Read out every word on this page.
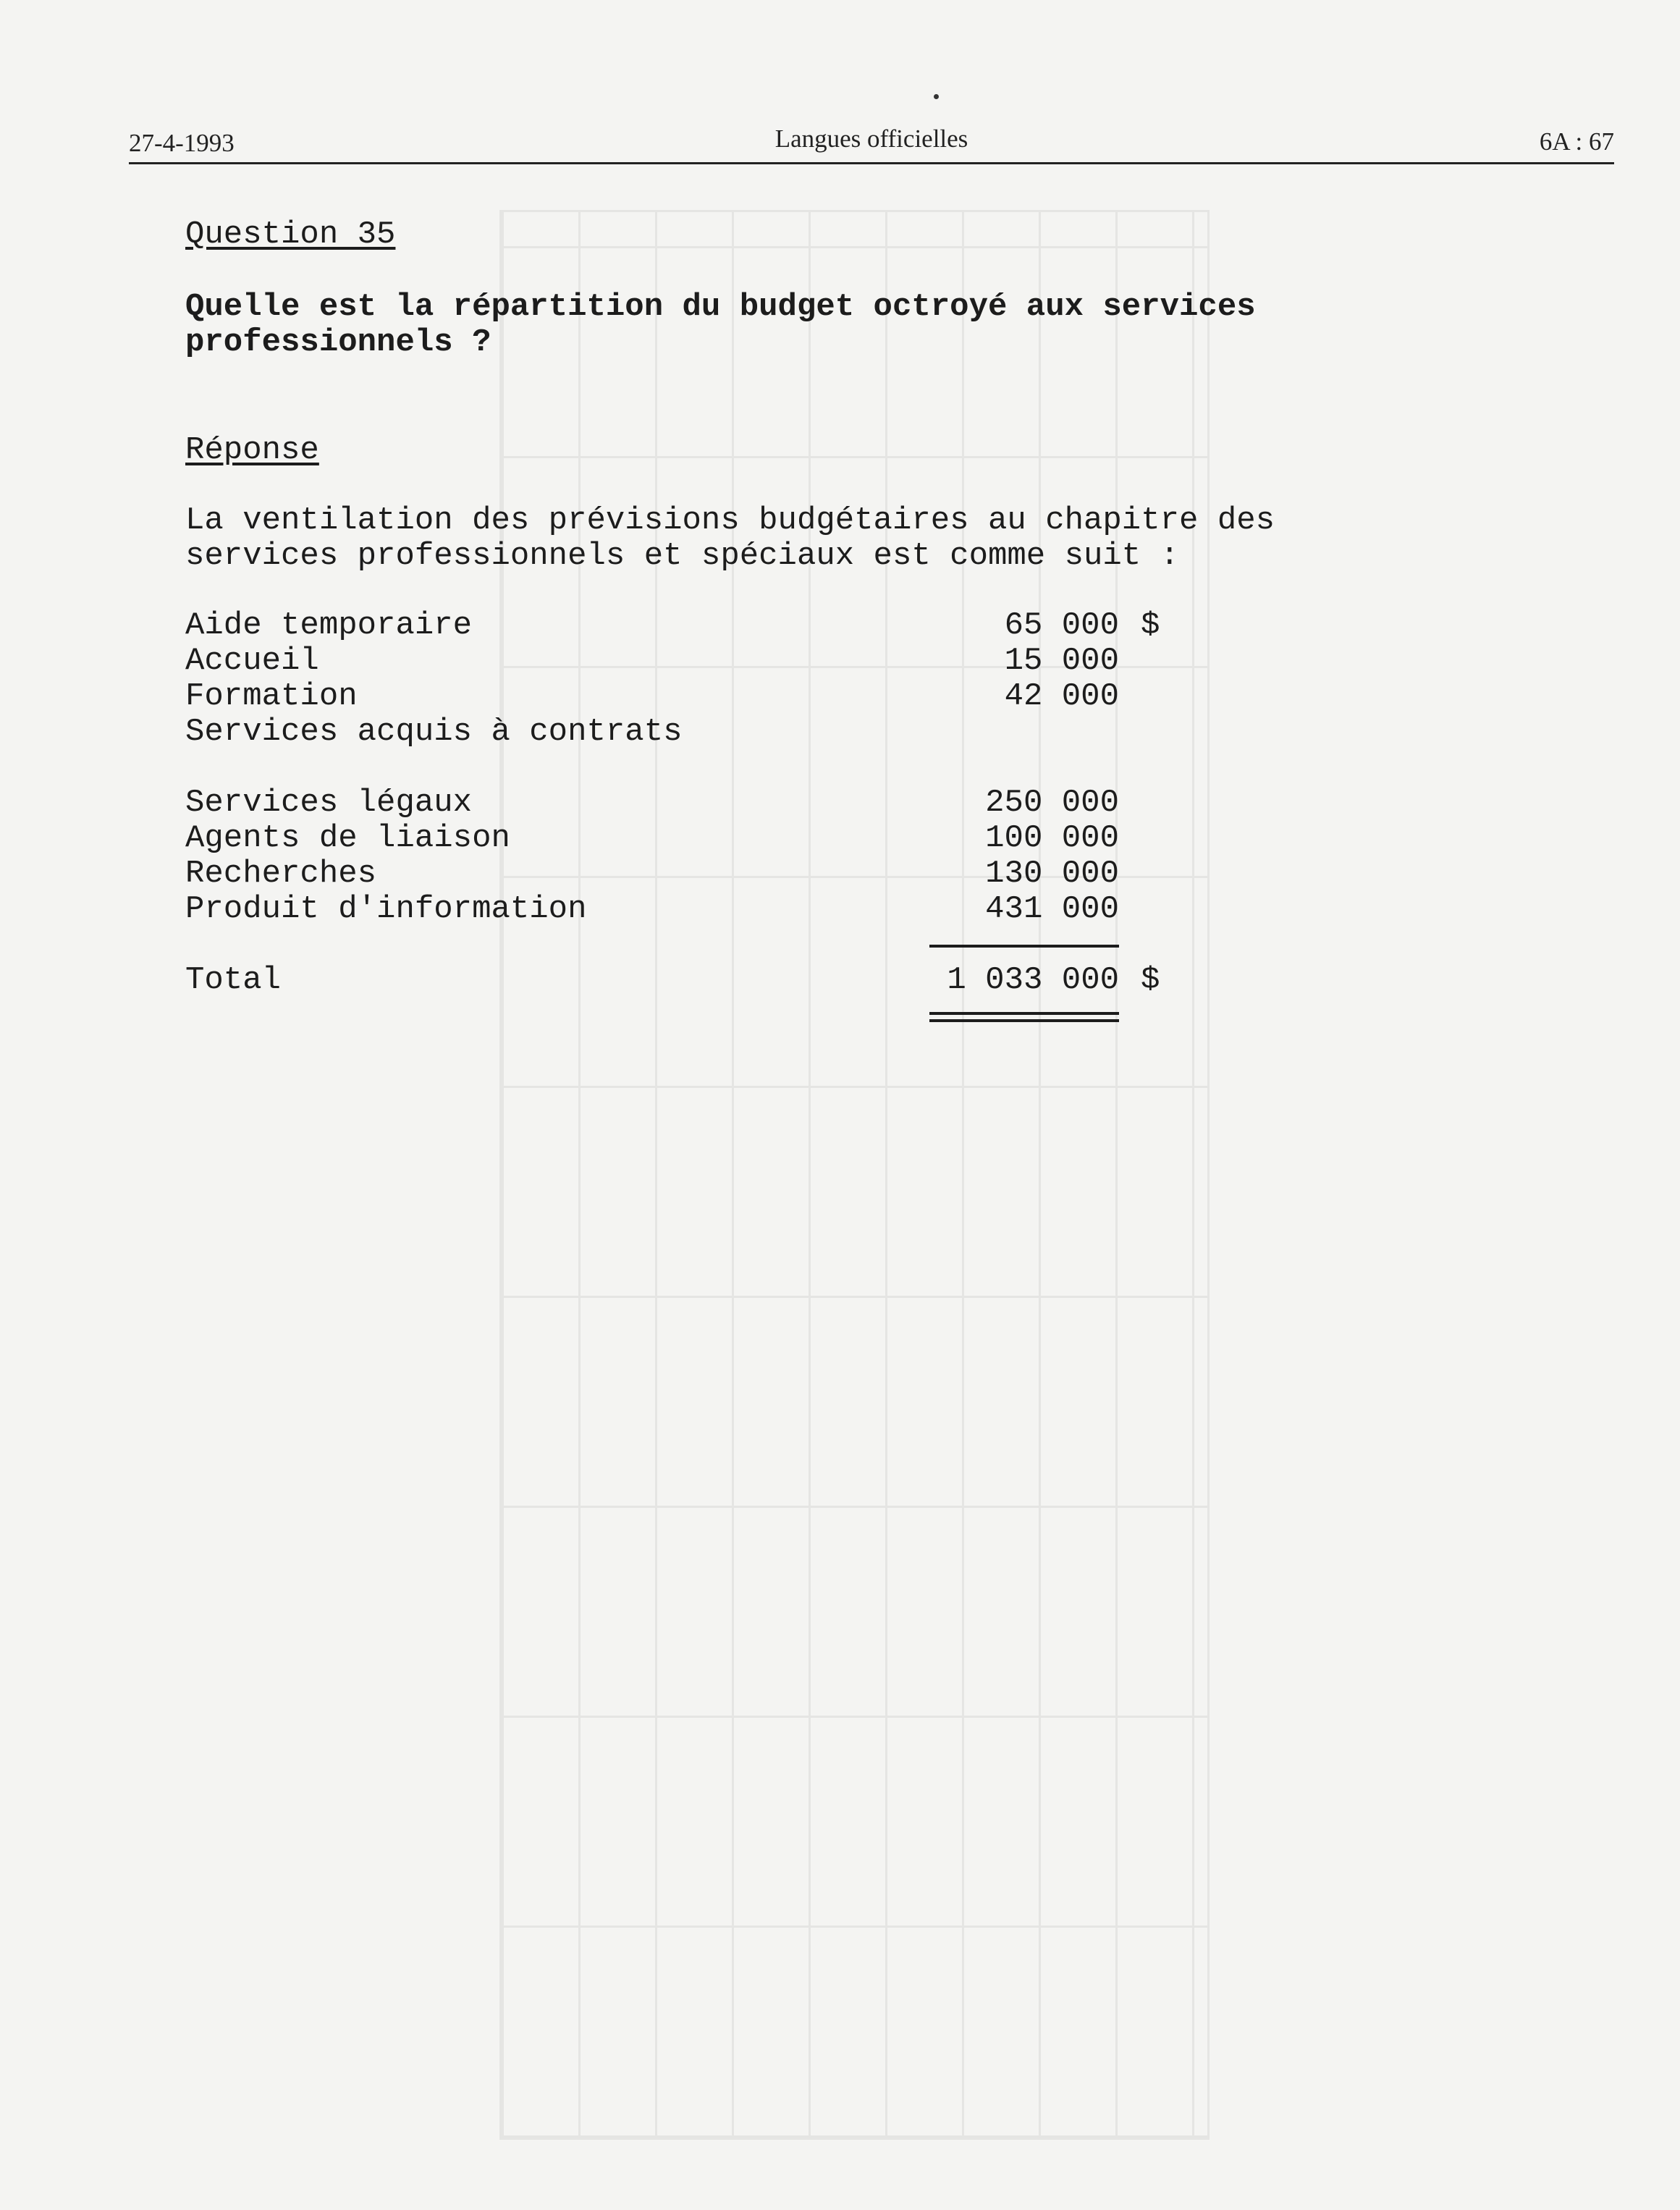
27-4-1993	Langues officielles	6A : 67
Question 35
Quelle est la répartition du budget octroyé aux services
professionnels ?
Réponse
La ventilation des prévisions budgétaires au chapitre des
services professionnels et spéciaux est comme suit :
Aide temporaire	65 000 $
Accueil	15 000
Formation	42 000
Services acquis à contrats
Services légaux	250 000
Agents de liaison	100 000
Recherches	130 000
Produit d'information	431 000
Total	1 033 000 $
